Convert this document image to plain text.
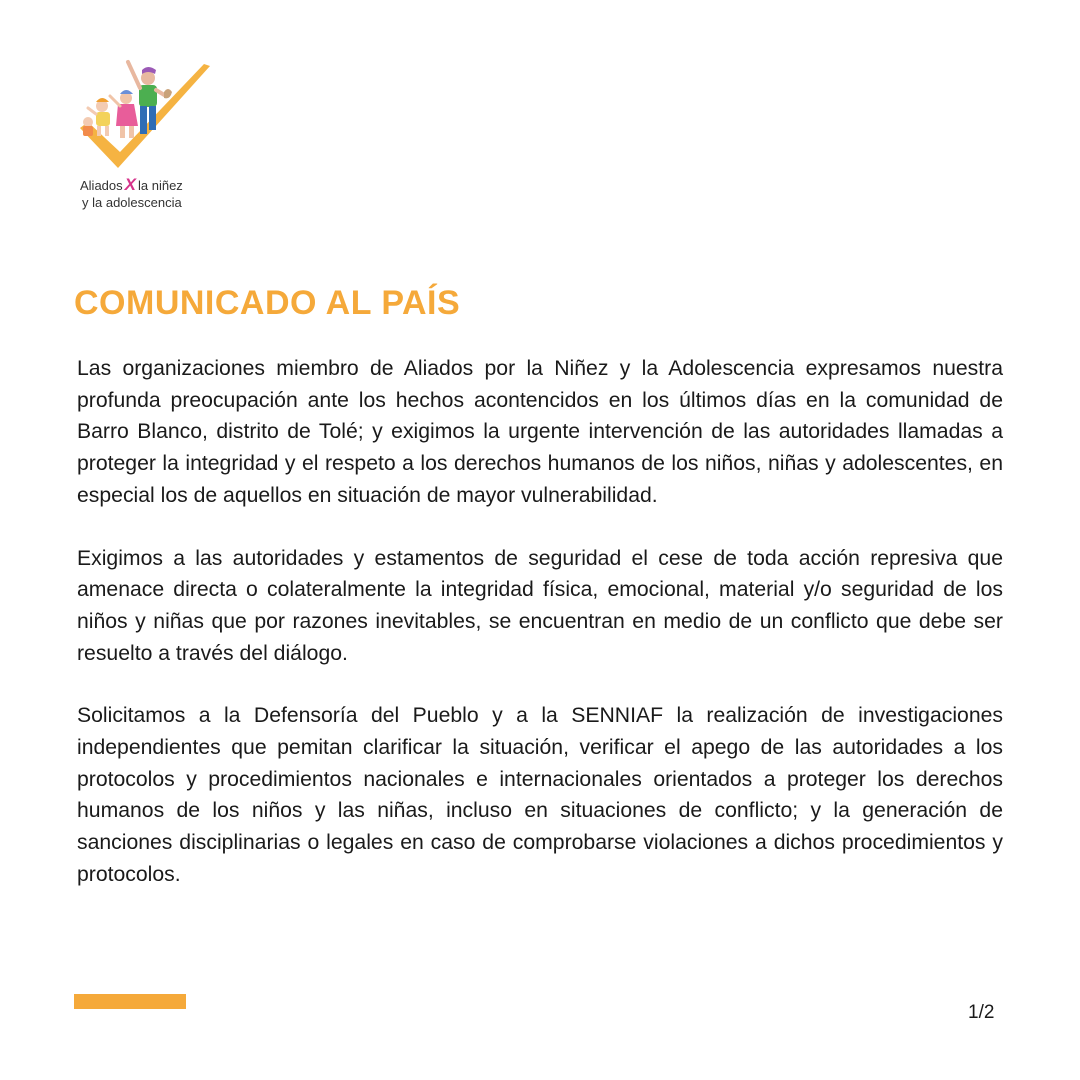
Aliados X la niñez
y la adolescencia
COMUNICADO AL PAÍS

Las organizaciones miembro de Aliados por la Niñez y la Adolescencia expresamos nuestra profunda preocupación ante los hechos acontencidos en los últimos días en la comunidad de Barro Blanco, distrito de Tolé; y exigimos la urgente intervención de las autoridades llamadas a proteger la integridad y el respeto a los derechos humanos de los niños, niñas y adolescentes, en especial los de aquellos en situación de mayor vulnerabilidad.

Exigimos a las autoridades y estamentos de seguridad el cese de toda acción represiva que amenace directa o colateralmente la integridad física, emocional, material y/o seguridad de los niños y niñas que por razones inevitables, se encuentran en medio de un conflicto que debe ser resuelto a través del diálogo.

Solicitamos a la Defensoría del Pueblo y a la SENNIAF la realización de investigaciones independientes que pemitan clarificar la situación, verificar el apego de las autoridades a los protocolos y procedimientos nacionales e internacionales orientados a proteger los derechos humanos de los niños y las niñas, incluso en situaciones de conflicto; y la generación de sanciones disciplinarias o legales en caso de comprobarse violaciones a dichos procedimientos y protocolos.

1/2
